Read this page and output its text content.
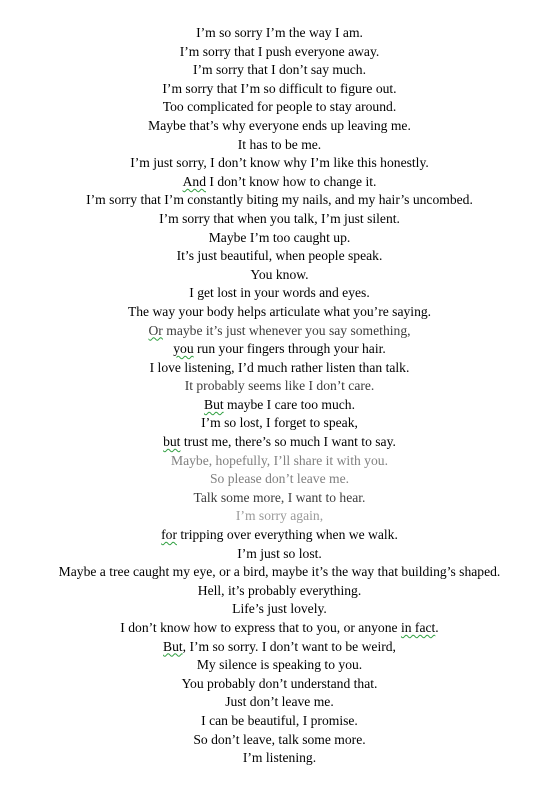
I’m so sorry I’m the way I am.
I’m sorry that I push everyone away.
I’m sorry that I don’t say much.
I’m sorry that I’m so difficult to figure out.
Too complicated for people to stay around.
Maybe that’s why everyone ends up leaving me.
It has to be me.
I’m just sorry, I don’t know why I’m like this honestly.
And I don’t know how to change it.
I’m sorry that I’m constantly biting my nails, and my hair’s uncombed.
I’m sorry that when you talk, I’m just silent.
Maybe I’m too caught up.
It’s just beautiful, when people speak.
You know.
I get lost in your words and eyes.
The way your body helps articulate what you’re saying.
Or maybe it’s just whenever you say something,
you run your fingers through your hair.
I love listening, I’d much rather listen than talk.
It probably seems like I don’t care.
But maybe I care too much.
I’m so lost, I forget to speak,
but trust me, there’s so much I want to say.
Maybe, hopefully, I’ll share it with you.
So please don’t leave me.
Talk some more, I want to hear.
I’m sorry again,
for tripping over everything when we walk.
I’m just so lost.
Maybe a tree caught my eye, or a bird, maybe it’s the way that building’s shaped.
Hell, it’s probably everything.
Life’s just lovely.
I don’t know how to express that to you, or anyone in fact.
But, I’m so sorry. I don’t want to be weird,
My silence is speaking to you.
You probably don’t understand that.
Just don’t leave me.
I can be beautiful, I promise.
So don’t leave, talk some more.
I’m listening.
